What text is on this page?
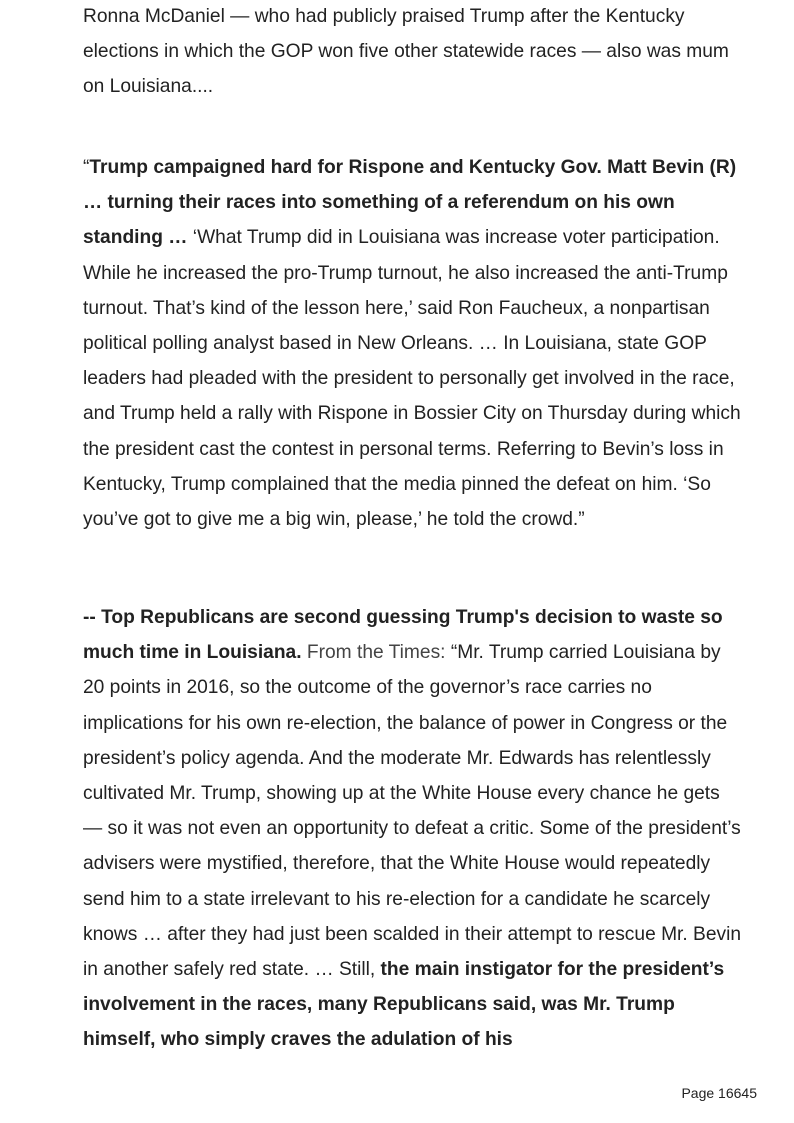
Ronna McDaniel — who had publicly praised Trump after the Kentucky elections in which the GOP won five other statewide races — also was mum on Louisiana....

“Trump campaigned hard for Rispone and Kentucky Gov. Matt Bevin (R) … turning their races into something of a referendum on his own standing … ‘What Trump did in Louisiana was increase voter participation. While he increased the pro-Trump turnout, he also increased the anti-Trump turnout. That’s kind of the lesson here,’ said Ron Faucheux, a nonpartisan political polling analyst based in New Orleans. … In Louisiana, state GOP leaders had pleaded with the president to personally get involved in the race, and Trump held a rally with Rispone in Bossier City on Thursday during which the president cast the contest in personal terms. Referring to Bevin’s loss in Kentucky, Trump complained that the media pinned the defeat on him. ‘So you’ve got to give me a big win, please,’ he told the crowd.”

-- Top Republicans are second guessing Trump's decision to waste so much time in Louisiana. From the Times: “Mr. Trump carried Louisiana by 20 points in 2016, so the outcome of the governor’s race carries no implications for his own re-election, the balance of power in Congress or the president’s policy agenda. And the moderate Mr. Edwards has relentlessly cultivated Mr. Trump, showing up at the White House every chance he gets — so it was not even an opportunity to defeat a critic. Some of the president’s advisers were mystified, therefore, that the White House would repeatedly send him to a state irrelevant to his re-election for a candidate he scarcely knows … after they had just been scalded in their attempt to rescue Mr. Bevin in another safely red state. … Still, the main instigator for the president’s involvement in the races, many Republicans said, was Mr. Trump himself, who simply craves the adulation of his

Page 16645
